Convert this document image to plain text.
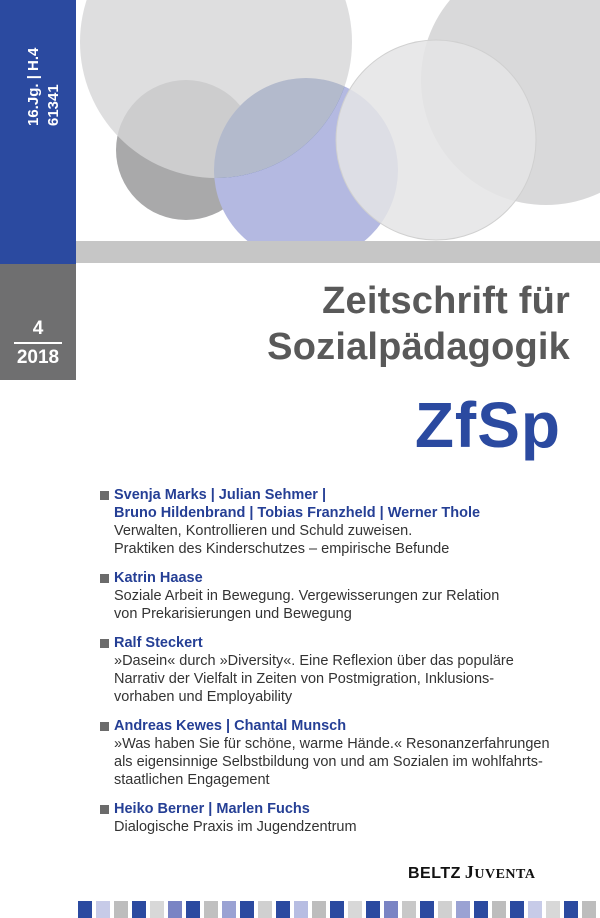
16.Jg. | H.4 61341
4
2018
Zeitschrift für
Sozialpädagogik
ZfSp
Svenja Marks | Julian Sehmer |
Bruno Hildenbrand | Tobias Franzheld | Werner Thole
Verwalten, Kontrollieren und Schuld zuweisen.
Praktiken des Kinderschutzes – empirische Befunde
Katrin Haase
Soziale Arbeit in Bewegung. Vergewisserungen zur Relation
von Prekarisierungen und Bewegung
Ralf Steckert
»Dasein« durch »Diversity«. Eine Reflexion über das populäre
Narrativ der Vielfalt in Zeiten von Postmigration, Inklusions-
vorhaben und Employability
Andreas Kewes | Chantal Munsch
»Was haben Sie für schöne, warme Hände.« Resonanzerfahrungen
als eigensinnige Selbstbildung von und am Sozialen im wohlfahrts-
staatlichen Engagement
Heiko Berner | Marlen Fuchs
Dialogische Praxis im Jugendzentrum
BELTZ JUVENTA
